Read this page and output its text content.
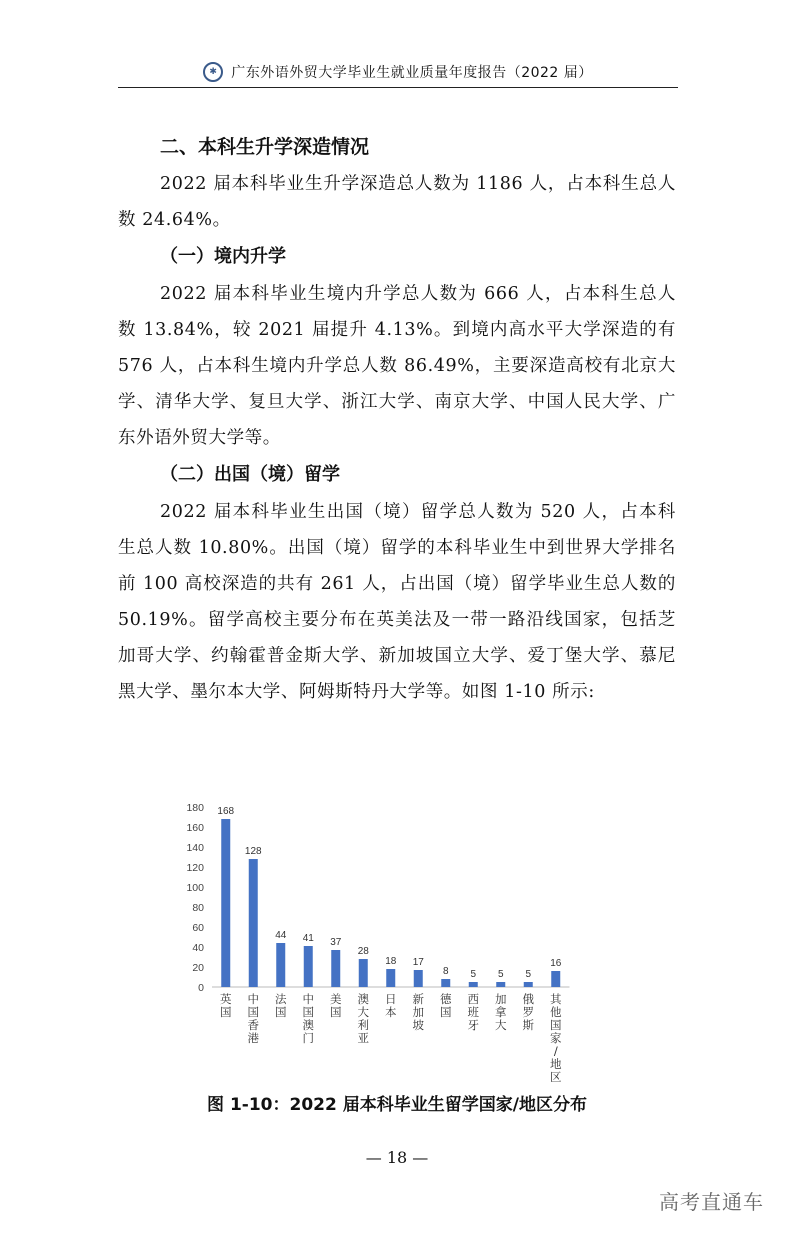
✱	广东外语外贸大学毕业生就业质量年度报告（2022 届）
二、本科生升学深造情况

2022 届本科毕业生升学深造总人数为 1186 人，占本科生总人数 24.64%。

（一）境内升学

2022 届本科毕业生境内升学总人数为 666 人，占本科生总人数 13.84%，较 2021 届提升 4.13%。到境内高水平大学深造的有 576 人，占本科生境内升学总人数 86.49%，主要深造高校有北京大学、清华大学、复旦大学、浙江大学、南京大学、中国人民大学、广东外语外贸大学等。

（二）出国（境）留学

2022 届本科毕业生出国（境）留学总人数为 520 人，占本科生总人数 10.80%。出国（境）留学的本科毕业生中到世界大学排名前 100 高校深造的共有 261 人，占出国（境）留学毕业生总人数的 50.19%。留学高校主要分布在英美法及一带一路沿线国家，包括芝加哥大学、约翰霍普金斯大学、新加坡国立大学、爱丁堡大学、慕尼黑大学、墨尔本大学、阿姆斯特丹大学等。如图 1-10 所示:

0
20
40
60
80
100
120
140
160
180 168
英国
128
中国香港
44
法国
41
中国澳门
37
美国
28
澳大利亚
18
日本
17
新加坡
8
德国
5
西班牙
5
加拿大
5
俄罗斯
16
其他国家/地区
图 1-10：2022 届本科毕业生留学国家/地区分布
— 18 —
高考直通车
